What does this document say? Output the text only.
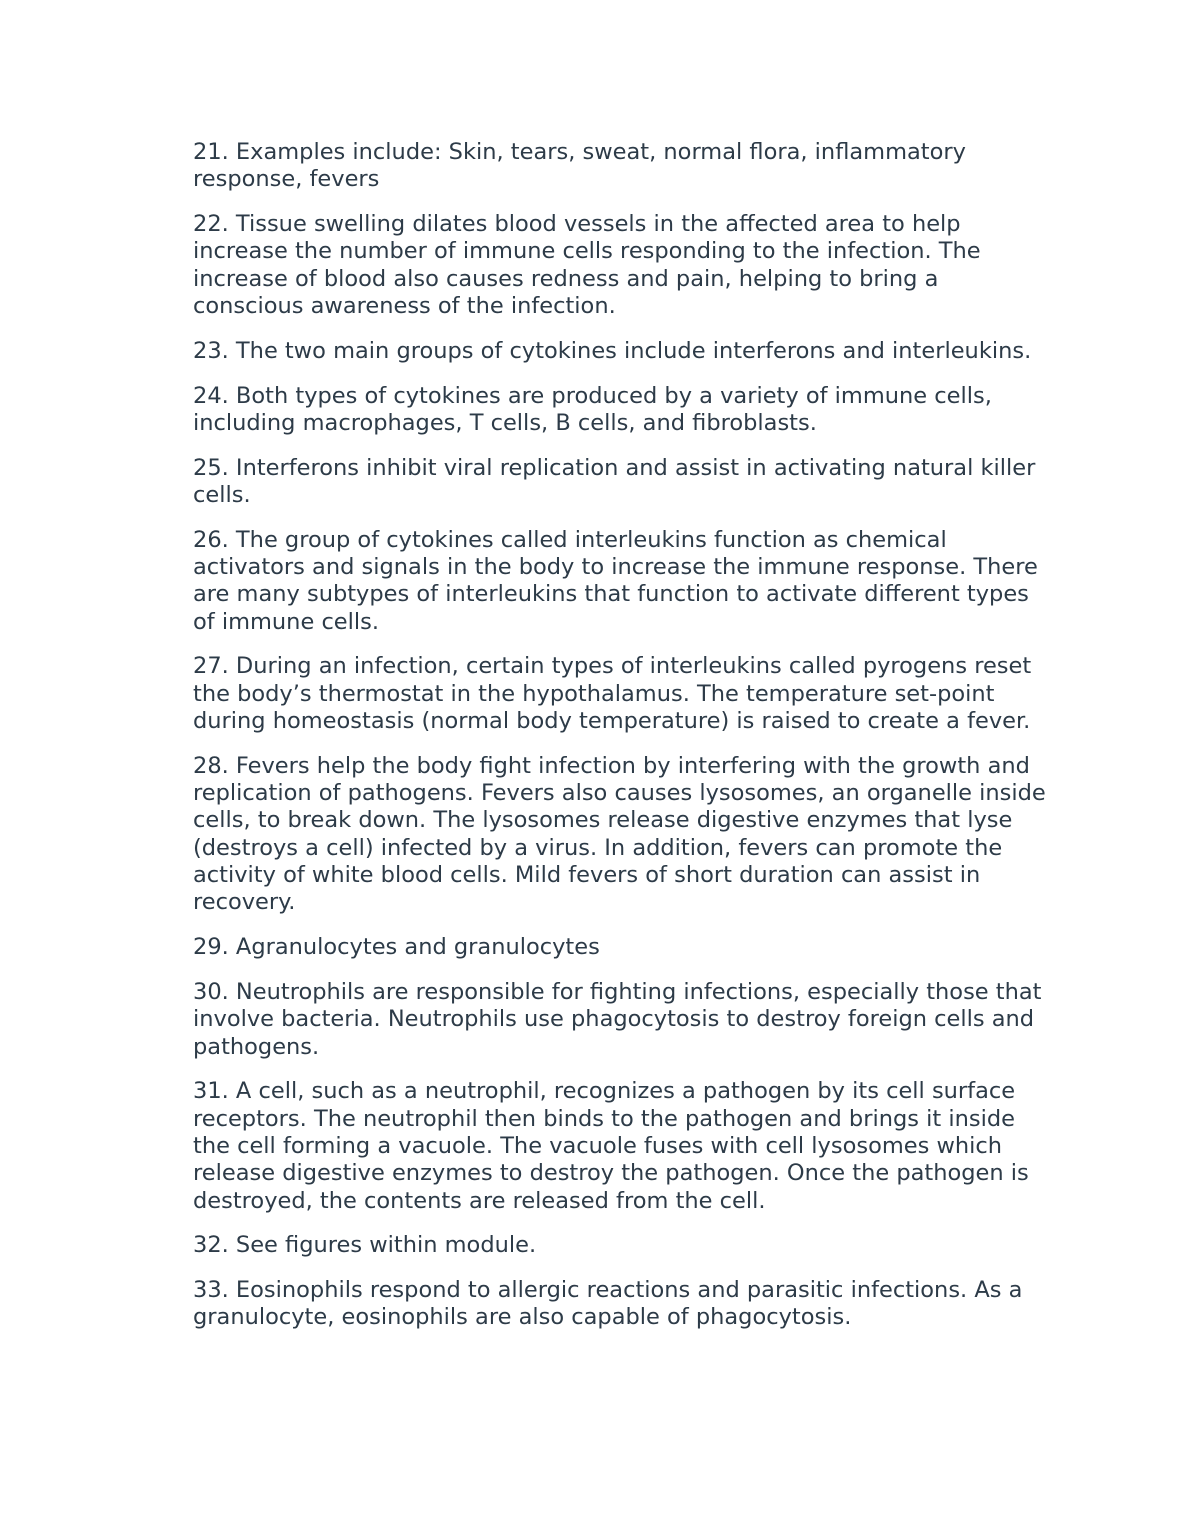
21. Examples include: Skin, tears, sweat, normal flora, inflammatory response, fevers

22. Tissue swelling dilates blood vessels in the affected area to help increase the number of immune cells responding to the infection. The increase of blood also causes redness and pain, helping to bring a conscious awareness of the infection.

23. The two main groups of cytokines include interferons and interleukins.

24. Both types of cytokines are produced by a variety of immune cells, including macrophages, T cells, B cells, and fibroblasts.

25. Interferons inhibit viral replication and assist in activating natural killer cells.

26. The group of cytokines called interleukins function as chemical activators and signals in the body to increase the immune response. There are many subtypes of interleukins that function to activate different types of immune cells.

27. During an infection, certain types of interleukins called pyrogens reset the body’s thermostat in the hypothalamus. The temperature set-point during homeostasis (normal body temperature) is raised to create a fever.

28. Fevers help the body fight infection by interfering with the growth and replication of pathogens. Fevers also causes lysosomes, an organelle inside cells, to break down. The lysosomes release digestive enzymes that lyse (destroys a cell) infected by a virus. In addition, fevers can promote the activity of white blood cells. Mild fevers of short duration can assist in recovery.

29. Agranulocytes and granulocytes

30. Neutrophils are responsible for fighting infections, especially those that involve bacteria. Neutrophils use phagocytosis to destroy foreign cells and pathogens.

31. A cell, such as a neutrophil, recognizes a pathogen by its cell surface receptors. The neutrophil then binds to the pathogen and brings it inside the cell forming a vacuole. The vacuole fuses with cell lysosomes which release digestive enzymes to destroy the pathogen. Once the pathogen is destroyed, the contents are released from the cell.

32. See figures within module.

33. Eosinophils respond to allergic reactions and parasitic infections. As a granulocyte, eosinophils are also capable of phagocytosis.
